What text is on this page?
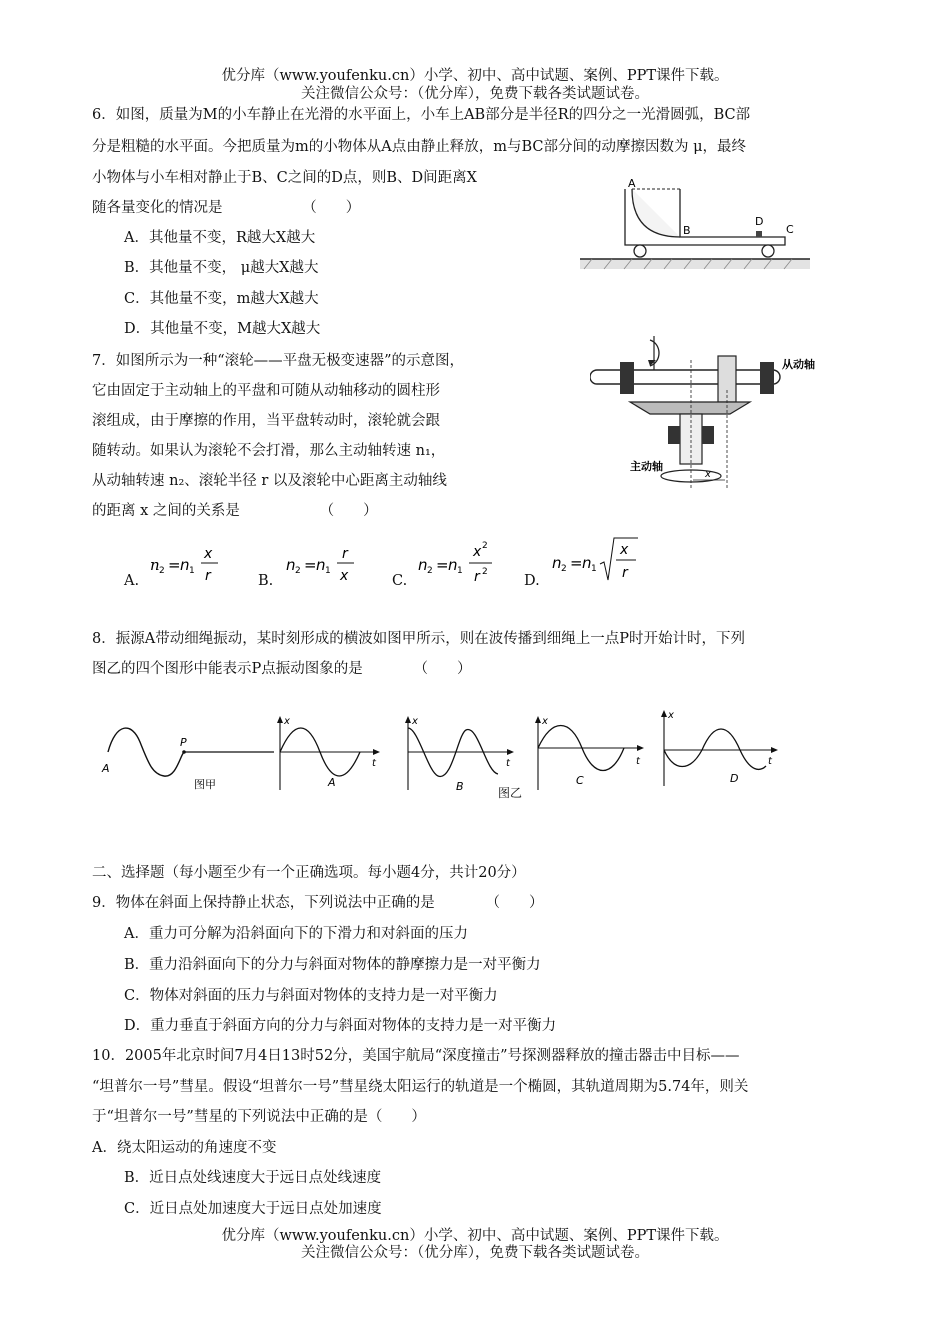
优分库（www.youfenku.cn）小学、初中、高中试题、案例、PPT课件下载。
关注微信公众号：（优分库），免费下载各类试题试卷。
6．如图，质量为M的小车静止在光滑的水平面上，小车上AB部分是半径R的四分之一光滑圆弧，BC部
分是粗糙的水平面。今把质量为m的小物体从A点由静止释放，m与BC部分间的动摩擦因数为 μ，最终
小物体与小车相对静止于B、C之间的D点，则B、D间距离X
随各量变化的情况是　　　　　　（　　）
A．其他量不变，R越大X越大
B．其他量不变， μ越大X越大
C．其他量不变，m越大X越大
D．其他量不变，M越大X越大
A
B
D
C
7．如图所示为一种“滚轮——平盘无极变速器”的示意图，
它由固定于主动轴上的平盘和可随从动轴移动的圆柱形
滚组成，由于摩擦的作用，当平盘转动时，滚轮就会跟
随转动。如果认为滚轮不会打滑，那么主动轴转速 n₁，
从动轴转速 n₂、滚轮半径 r 以及滚轮中心距离主动轴线
的距离 x 之间的关系是　　　　　　（　　）
x
从动轴
主动轴
A.
n 2 = n 1
x
r	B.
n 2 = n 1
r
x	C.
n 2 = n 1
x 2
r 2
D.
n 2 = n 1
x
r
8．振源A带动细绳振动，某时刻形成的横波如图甲所示，则在波传播到细绳上一点P时开始计时，下列
图乙的四个图形中能表示P点振动图象的是　　　　（　　）
A
P
图甲
x
t
A
x
t
B
x
t
C
x
t
D
图乙
二、选择题（每小题至少有一个正确选项。每小题4分，共计20分）
9．物体在斜面上保持静止状态，下列说法中正确的是　　　　（　　）
A．重力可分解为沿斜面向下的下滑力和对斜面的压力
B．重力沿斜面向下的分力与斜面对物体的静摩擦力是一对平衡力
C．物体对斜面的压力与斜面对物体的支持力是一对平衡力
D．重力垂直于斜面方向的分力与斜面对物体的支持力是一对平衡力
10．2005年北京时间7月4日13时52分，美国宇航局“深度撞击”号探测器释放的撞击器击中目标——
“坦普尔一号”彗星。假设“坦普尔一号”彗星绕太阳运行的轨道是一个椭圆，其轨道周期为5.74年，则关
于“坦普尔一号”彗星的下列说法中正确的是（　　）
A．绕太阳运动的角速度不变
B．近日点处线速度大于远日点处线速度
C．近日点处加速度大于远日点处加速度
优分库（www.youfenku.cn）小学、初中、高中试题、案例、PPT课件下载。
关注微信公众号：（优分库），免费下载各类试题试卷。
